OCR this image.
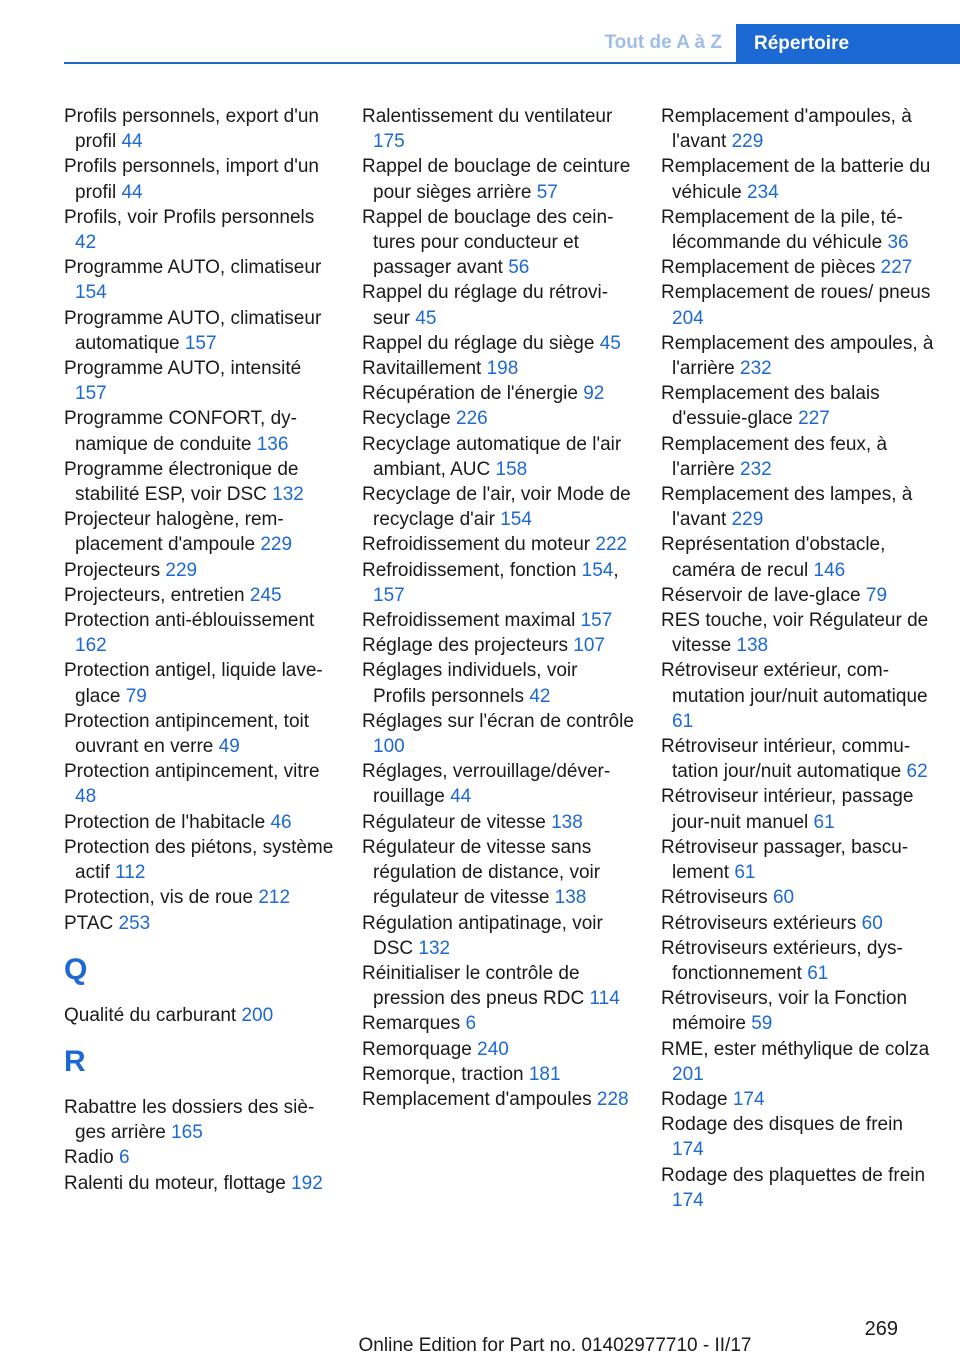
Tout de A à Z	Répertoire
Profils personnels, export d'un profil 44
Profils personnels, import d'un profil 44
Profils, voir Profils personnels 42
Programme AUTO, climatiseur 154
Programme AUTO, climatiseur automatique 157
Programme AUTO, intensité 157
Programme CONFORT, dynamique de conduite 136
Programme électronique de stabilité ESP, voir DSC 132
Projecteur halogène, remplacement d'ampoule 229
Projecteurs 229
Projecteurs, entretien 245
Protection anti-éblouissement 162
Protection antigel, liquide lave-glace 79
Protection antipincement, toit ouvrant en verre 49
Protection antipincement, vitre 48
Protection de l'habitacle 46
Protection des piétons, système actif 112
Protection, vis de roue 212
PTAC 253
Q
Qualité du carburant 200
R
Rabattre les dossiers des sièges arrière 165
Radio 6
Ralenti du moteur, flottage 192
Ralentissement du ventilateur 175
Rappel de bouclage de ceinture pour sièges arrière 57
Rappel de bouclage des ceintures pour conducteur et passager avant 56
Rappel du réglage du rétroviseur 45
Rappel du réglage du siège 45
Ravitaillement 198
Récupération de l'énergie 92
Recyclage 226
Recyclage automatique de l'air ambiant, AUC 158
Recyclage de l'air, voir Mode de recyclage d'air 154
Refroidissement du moteur 222
Refroidissement, fonction 154, 157
Refroidissement maximal 157
Réglage des projecteurs 107
Réglages individuels, voir Profils personnels 42
Réglages sur l'écran de contrôle 100
Réglages, verrouillage/déverrouillage 44
Régulateur de vitesse 138
Régulateur de vitesse sans régulation de distance, voir régulateur de vitesse 138
Régulation antipatinage, voir DSC 132
Réinitialiser le contrôle de pression des pneus RDC 114
Remarques 6
Remorquage 240
Remorque, traction 181
Remplacement d'ampoules 228
Remplacement d'ampoules, à l'avant 229
Remplacement de la batterie du véhicule 234
Remplacement de la pile, télécommande du véhicule 36
Remplacement de pièces 227
Remplacement de roues/ pneus 204
Remplacement des ampoules, à l'arrière 232
Remplacement des balais d'essuie-glace 227
Remplacement des feux, à l'arrière 232
Remplacement des lampes, à l'avant 229
Représentation d'obstacle, caméra de recul 146
Réservoir de lave-glace 79
RES touche, voir Régulateur de vitesse 138
Rétroviseur extérieur, commutation jour/nuit automatique 61
Rétroviseur intérieur, commutation jour/nuit automatique 62
Rétroviseur intérieur, passage jour-nuit manuel 61
Rétroviseur passager, basculement 61
Rétroviseurs 60
Rétroviseurs extérieurs 60
Rétroviseurs extérieurs, dysfonctionnement 61
Rétroviseurs, voir la Fonction mémoire 59
RME, ester méthylique de colza 201
Rodage 174
Rodage des disques de frein 174
Rodage des plaquettes de frein 174
269
Online Edition for Part no. 01402977710 - II/17
